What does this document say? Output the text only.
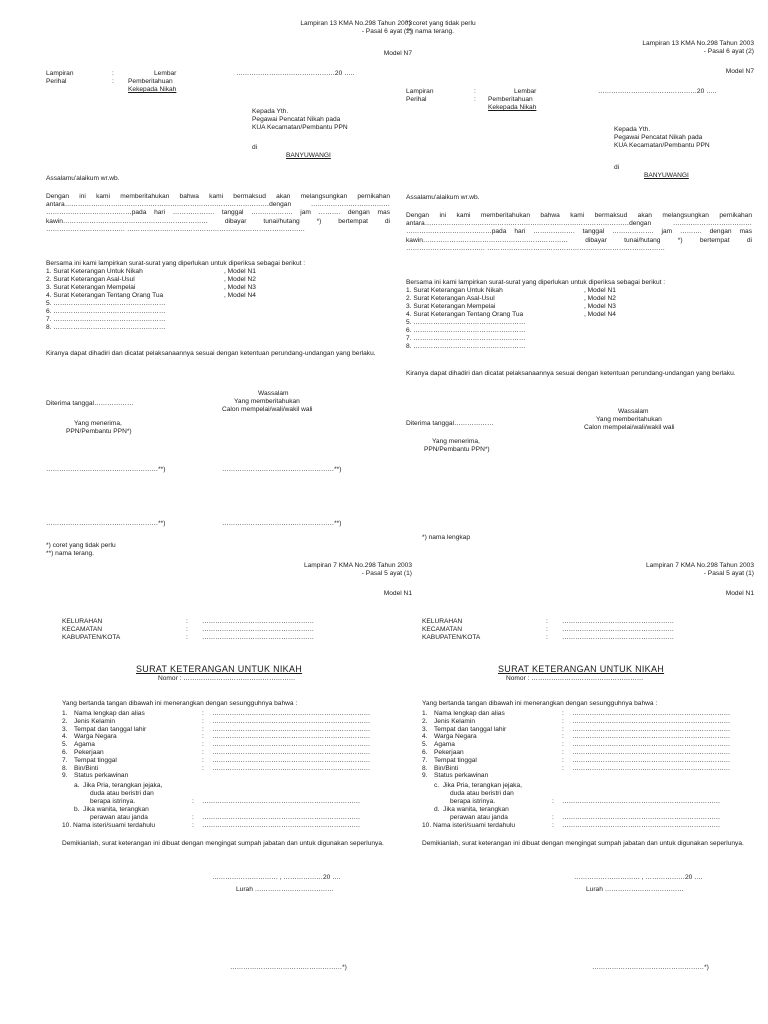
Lampiran 13 KMA No.298 Tahun 2003
- Pasal 6 ayat (2)
Model N7
Lampiran	:	Lembar	………………………………………20 …..
Perihal	: Pemberitahuan
Kekepada Nikah
Kepada Yth.
Pegawai Pencatat Nikah pada
KUA Kecamatan/Pembantu PPN
di
BANYUWANGI
Assalamu'alaikum wr.wb.
Dengan ini kami memberitahukan bahwa kami bermaksud akan melangsungkan pernikahan antara…………………………………………………………………………………dengan ……………………………… …………………………………pada hari ………………. tanggal ………………. jam ………. dengan mas kawin………………………………………………………… dibayar tunai/hutang *) bertempat di ……………………………… ………………………………………………………………………
Bersama ini kami lampirkan surat-surat yang diperlukan untuk diperiksa sebagai berikut :
1. Surat Keterangan Untuk Nikah	, Model N1
2. Surat Keterangan Asal-Usul	, Model N2
3. Surat Keterangan Mempelai	, Model N3
4. Surat Keterangan Tentang Orang Tua	, Model N4
5. ……………………………………………
6. ……………………………………………
7. ……………………………………………
8. ……………………………………………
Kiranya dapat dihadiri dan dicatat pelaksanaannya sesuai dengan ketentuan perundang-undangan yang berlaku.
Wassalam
Yang memberitahukan
Calon mempelai/wali/wakil wali
Diterima tanggal………………
Yang menerima,
PPN/Pembantu PPN*)
……………………………………………**)	……………………………………………**)
……………………………………………**)	……………………………………………**)
*) coret yang tidak perlu
**) nama terang.
*) coret yang tidak perlu
**) nama terang.
Lampiran 13 KMA No.298 Tahun 2003
- Pasal 6 ayat (2)
Model N7
Lampiran	:	Lembar	………………………………………20 …..
Perihal	: Pemberitahuan
Kekepada Nikah
Kepada Yth.
Pegawai Pencatat Nikah pada
KUA Kecamatan/Pembantu PPN
di
BANYUWANGI
Assalamu'alaikum wr.wb.
Dengan ini kami memberitahukan bahwa kami bermaksud akan melangsungkan pernikahan antara…………………………………………………………………………………dengan ……………………………… …………………………………pada hari ………………. tanggal ………………. jam ………. dengan mas kawin………………………………………………………… dibayar tunai/hutang *) bertempat di ……………………………… ………………………………………………………………………
Bersama ini kami lampirkan surat-surat yang diperlukan untuk diperiksa sebagai berikut :
1. Surat Keterangan Untuk Nikah	, Model N1
2. Surat Keterangan Asal-Usul	, Model N2
3. Surat Keterangan Mempelai	, Model N3
4. Surat Keterangan Tentang Orang Tua	, Model N4
5. ……………………………………………
6. ……………………………………………
7. ……………………………………………
8. ……………………………………………
Kiranya dapat dihadiri dan dicatat pelaksanaannya sesuai dengan ketentuan perundang-undangan yang berlaku.
Wassalam
Yang memberitahukan
Calon mempelai/wali/wakil wali
Diterima tanggal………………
Yang menerima,
PPN/Pembantu PPN*)
*) nama lengkap
Lampiran 7 KMA No.298 Tahun 2003
- Pasal 5 ayat (1)
Model N1
KELURAHAN	: ……………………………………………
KECAMATAN	: ……………………………………………
KABUPATEN/KOTA	: ……………………………………………
SURAT KETERANGAN UNTUK NIKAH
Nomor : ……………………………………………
Yang bertanda tangan dibawah ini menerangkan dengan sesungguhnya bahwa :
1. Nama lengkap dan alias	: ………………………………………………………………
2. Jenis Kelamin	: ………………………………………………………………
3. Tempat dan tanggal lahir	: ………………………………………………………………
4. Warga Negara	: ………………………………………………………………
5. Agama	: ………………………………………………………………
6. Pekerjaan	: ………………………………………………………………
7. Tempat tinggal	: ………………………………………………………………
8. Bin/Binti	: ………………………………………………………………
9. Status perkawinan
a. Jika Pria, terangkan jejaka,
duda atau beristri dan
berapa istrinya.	: ………………………………………………………………
b. Jika wanita, terangkan
perawan atau janda	: ………………………………………………………………
10. Nama isteri/suami terdahulu	: ………………………………………………………………
Demikianlah, surat keterangan ini dibuat dengan mengingat sumpah jabatan dan untuk digunakan seperlunya.
………………………… , ………………20 ….
Lurah ………………………………
……………………………………………*)
Lampiran 7 KMA No.298 Tahun 2003
- Pasal 5 ayat (1)
Model N1
KELURAHAN	: ……………………………………………
KECAMATAN	: ……………………………………………
KABUPATEN/KOTA	: ……………………………………………
SURAT KETERANGAN UNTUK NIKAH
Nomor : ……………………………………………
Yang bertanda tangan dibawah ini menerangkan dengan sesungguhnya bahwa :
1. Nama lengkap dan alias	: ………………………………………………………………
2. Jenis Kelamin	: ………………………………………………………………
3. Tempat dan tanggal lahir	: ………………………………………………………………
4. Warga Negara	: ………………………………………………………………
5. Agama	: ………………………………………………………………
6. Pekerjaan	: ………………………………………………………………
7. Tempat tinggal	: ………………………………………………………………
8. Bin/Binti	: ………………………………………………………………
9. Status perkawinan
c. Jika Pria, terangkan jejaka,
duda atau beristri dan
berapa istrinya.	: ………………………………………………………………
d. Jika wanita, terangkan
perawan atau janda	: ………………………………………………………………
10. Nama isteri/suami terdahulu	: ………………………………………………………………
Demikianlah, surat keterangan ini dibuat dengan mengingat sumpah jabatan dan untuk digunakan seperlunya.
………………………… , ………………20 ….
Lurah ………………………………
……………………………………………*)
